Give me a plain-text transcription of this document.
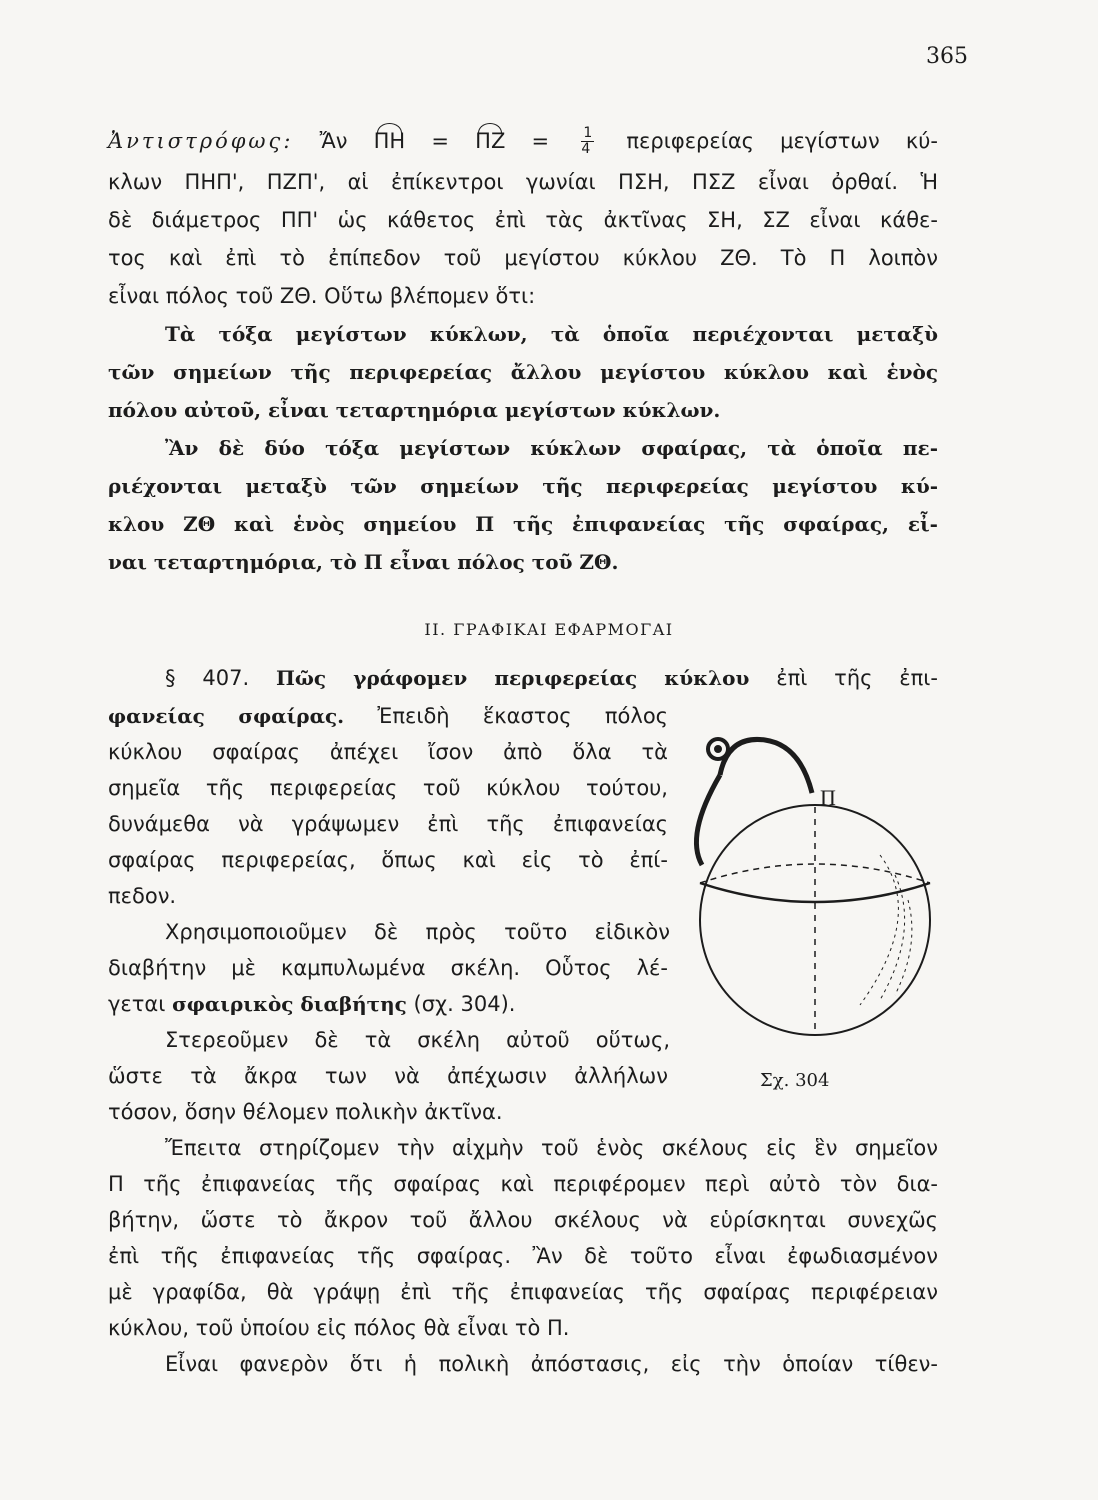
365
Ἀντιστρόφως: Ἄν $\Pi H = \Pi Z = \frac{1}{4}$ περιφερείας μεγίστων κύ-
κλων ΠΗΠ', ΠΖΠ', αἱ ἐπίκεντροι γωνίαι ΠΣΗ, ΠΣΖ εἶναι ὀρθαί. Ἡ
δὲ διάμετρος ΠΠ' ὡς κάθετος ἐπὶ τὰς ἀκτῖνας ΣΗ, ΣΖ εἶναι κάθε-
τος καὶ ἐπὶ τὸ ἐπίπεδον τοῦ μεγίστου κύκλου ΖΘ. Τὸ Π λοιπὸν
εἶναι πόλος τοῦ ΖΘ. Οὕτω βλέπομεν ὅτι:
Τὰ τόξα μεγίστων κύκλων, τὰ ὁποῖα περιέχονται μεταξὺ
τῶν σημείων τῆς περιφερείας ἄλλου μεγίστου κύκλου καὶ ἑνὸς
πόλου αὐτοῦ, εἶναι τεταρτημόρια μεγίστων κύκλων.
Ἂν δὲ δύο τόξα μεγίστων κύκλων σφαίρας, τὰ ὁποῖα πε-
ριέχονται μεταξὺ τῶν σημείων τῆς περιφερείας μεγίστου κύ-
κλου ΖΘ καὶ ἑνὸς σημείου Π τῆς ἐπιφανείας τῆς σφαίρας, εἶ-
ναι τεταρτημόρια, τὸ Π εἶναι πόλος τοῦ ΖΘ.
ΙΙ. ΓΡΑΦΙΚΑΙ ΕΦΑΡΜΟΓΑΙ
§ 407. Πῶς γράφομεν περιφερείας κύκλου ἐπὶ τῆς ἐπι-
φανείας σφαίρας. Ἐπειδὴ ἕκαστος πόλος
κύκλου σφαίρας ἀπέχει ἴσον ἀπὸ ὅλα τὰ
σημεῖα τῆς περιφερείας τοῦ κύκλου τούτου,
δυνάμεθα νὰ γράψωμεν ἐπὶ τῆς ἐπιφανείας
σφαίρας περιφερείας, ὅπως καὶ εἰς τὸ ἐπί-
πεδον.
Χρησιμοποιοῦμεν δὲ πρὸς τοῦτο εἰδικὸν
διαβήτην μὲ καμπυλωμένα σκέλη. Οὗτος λέ-
γεται σφαιρικὸς διαβήτης (σχ. 304).
Στερεοῦμεν δὲ τὰ σκέλη αὐτοῦ οὕτως,
ὥστε τὰ ἄκρα των νὰ ἀπέχωσιν ἀλλήλων
τόσον, ὅσην θέλομεν πολικὴν ἀκτῖνα.
Ἔπειτα στηρίζομεν τὴν αἰχμὴν τοῦ ἑνὸς σκέλους εἰς ἓν σημεῖον
Π τῆς ἐπιφανείας τῆς σφαίρας καὶ περιφέρομεν περὶ αὐτὸ τὸν δια-
βήτην, ὥστε τὸ ἄκρον τοῦ ἄλλου σκέλους νὰ εὑρίσκηται συνεχῶς
ἐπὶ τῆς ἐπιφανείας τῆς σφαίρας. Ἂν δὲ τοῦτο εἶναι ἐφωδιασμένον
μὲ γραφίδα, θὰ γράψῃ ἐπὶ τῆς ἐπιφανείας τῆς σφαίρας περιφέρειαν
κύκλου, τοῦ ὑποίου εἰς πόλος θὰ εἶναι τὸ Π.
Εἶναι φανερὸν ὅτι ἡ πολικὴ ἀπόστασις, εἰς τὴν ὁποίαν τίθεν-
Π
Σχ. 304
